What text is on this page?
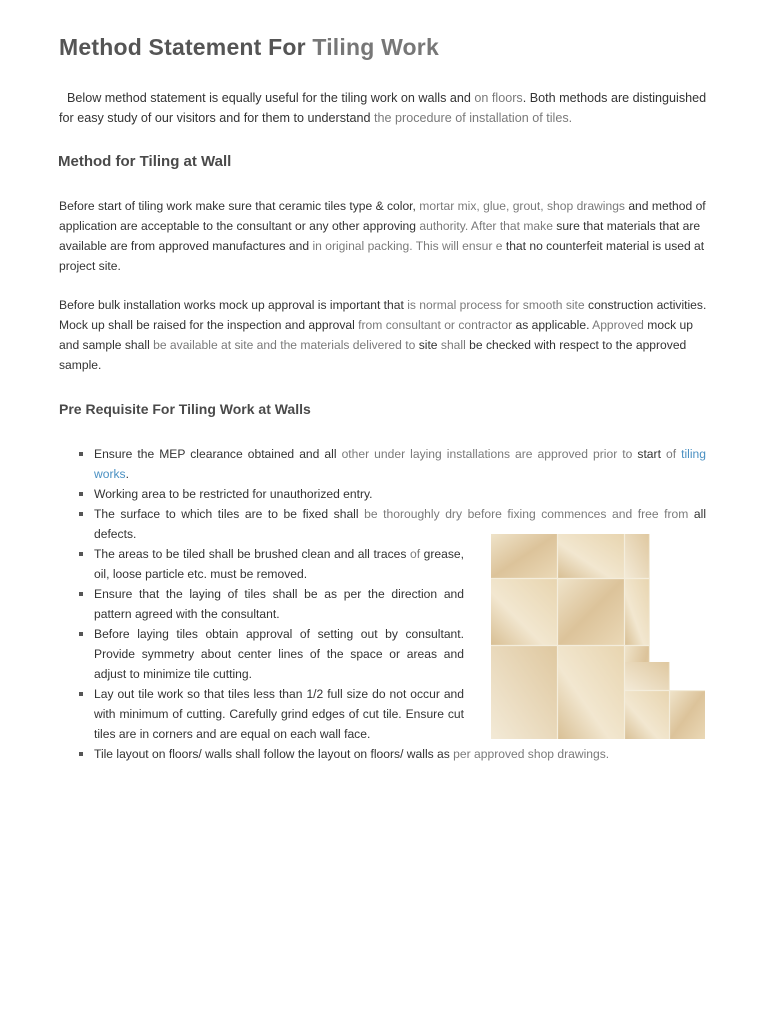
Method Statement For Tiling Work

Below method statement is equally useful for the tiling work on walls and on floors. Both methods are distinguished for easy study of our visitors and for them to understand the procedure of installation of tiles.

Method for Tiling at Wall

Before start of tiling work make sure that ceramic tiles type & color, mortar mix, glue, grout, shop drawings and method of application are acceptable to the consultant or any other approving authority. After that make sure that materials that are available are from approved manufactures and in original packing. This will ensur e that no counterfeit material is used at project site.

Before bulk installation works mock up approval is important that is normal process for smooth site construction activities. Mock up shall be raised for the inspection and approval from consultant or contractor as applicable. Approved mock up and sample shall be available at site and the materials delivered to site shall be checked with respect to the approved sample.

Pre Requisite For Tiling Work at Walls
Ensure the MEP clearance obtained and all other under laying installations are approved prior to start of tiling works.
Working area to be restricted for unauthorized entry.
The surface to which tiles are to be fixed shall be thoroughly dry before fixing commences and free from all defects.
The areas to be tiled shall be brushed clean and all traces of grease, oil, loose particle etc. must be removed.
Ensure that the laying of tiles shall be as per the direction and pattern agreed with the consultant.
Before laying tiles obtain approval of setting out by consultant. Provide symmetry about center lines of the space or areas and adjust to minimize tile cutting.
Lay out tile work so that tiles less than 1/2 full size do not occur and with minimum of cutting. Carefully grind edges of cut tile. Ensure cut tiles are in corners and are equal on each wall face.
Tile layout on floors/ walls shall follow the layout on floors/ walls as per approved shop drawings.
